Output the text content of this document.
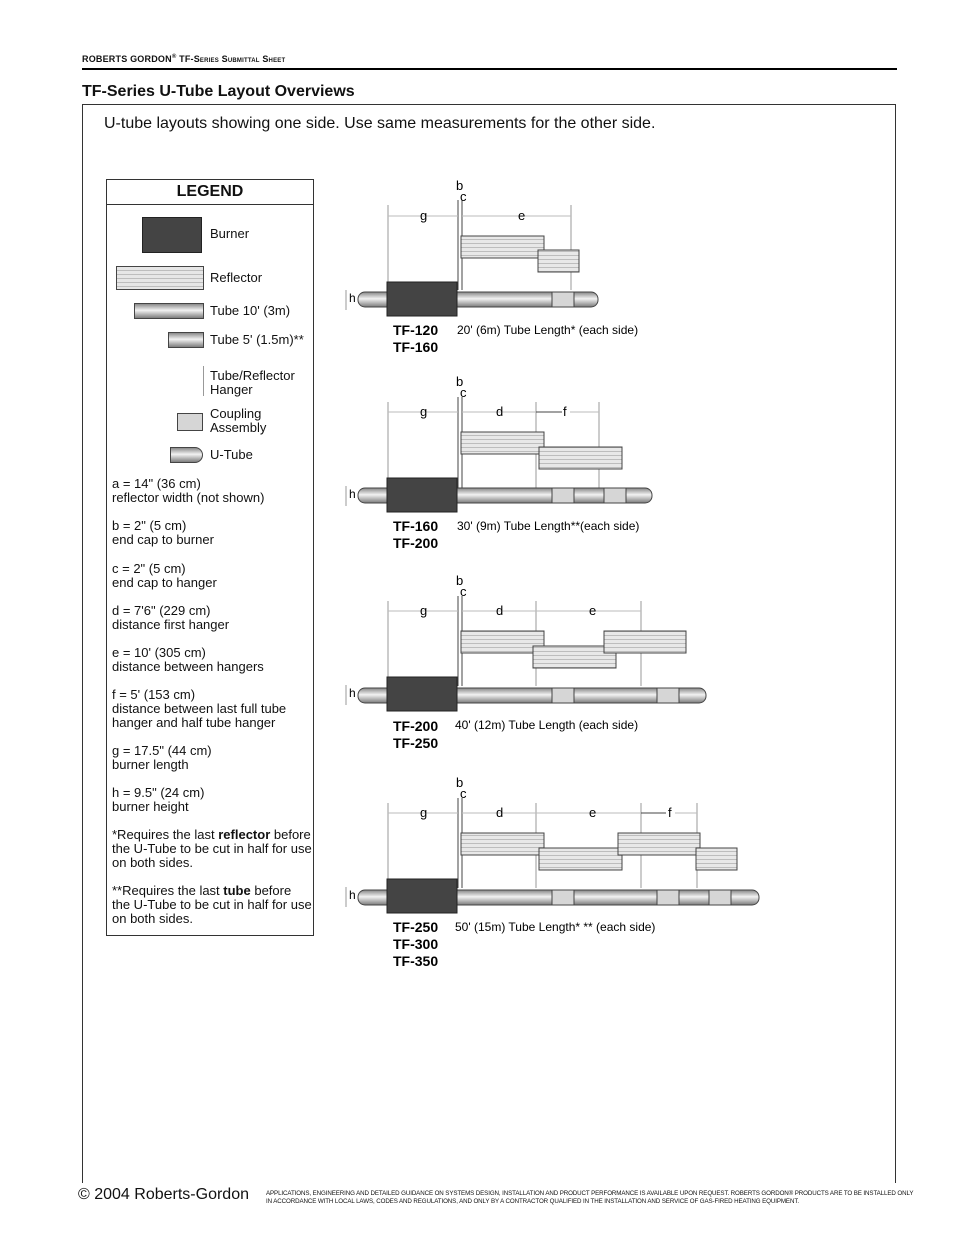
ROBERTS GORDON® TF-Series Submittal Sheet
TF-Series U-Tube Layout Overviews
U-tube layouts showing one side. Use same measurements for the other side.
LEGEND
Burner
Reflector
Tube 10' (3m)
Tube 5' (1.5m)**
Tube/Reflector Hanger
Coupling Assembly
U-Tube
a = 14" (36 cm)
reflector width (not shown)
b = 2" (5 cm)
end cap to burner
c = 2" (5 cm)
end cap to hanger
d = 7'6" (229 cm)
distance first hanger
e = 10' (305 cm)
distance between hangers
f = 5' (153 cm)
distance between last full tube hanger and half tube hanger
g = 17.5" (44 cm)
burner length
h = 9.5" (24 cm)
burner height
*Requires the last reflector before the U-Tube to be cut in half for use on both sides.
**Requires the last tube before the U-Tube to be cut in half for use on both sides.
b
c
g	e
h
TF-120
TF-160
20' (6m) Tube Length* (each side)
b
c
g	d	f
h
TF-160
TF-200
30' (9m) Tube Length**(each side)
b
c
g	d	e
h
TF-200
TF-250
40' (12m) Tube Length (each side)
b
c
g	d	e	f
h
TF-250
TF-300
TF-350
50' (15m) Tube Length* ** (each side)
© 2004 Roberts-Gordon	APPLICATIONS, ENGINEERING AND DETAILED GUIDANCE ON SYSTEMS DESIGN, INSTALLATION AND PRODUCT PERFORMANCE IS AVAILABLE UPON REQUEST. ROBERTS GORDON® PRODUCTS ARE TO BE INSTALLED ONLY IN ACCORDANCE WITH LOCAL LAWS, CODES AND REGULATIONS, AND ONLY BY A CONTRACTOR QUALIFIED IN THE INSTALLATION AND SERVICE OF GAS-FIRED HEATING EQUIPMENT.
